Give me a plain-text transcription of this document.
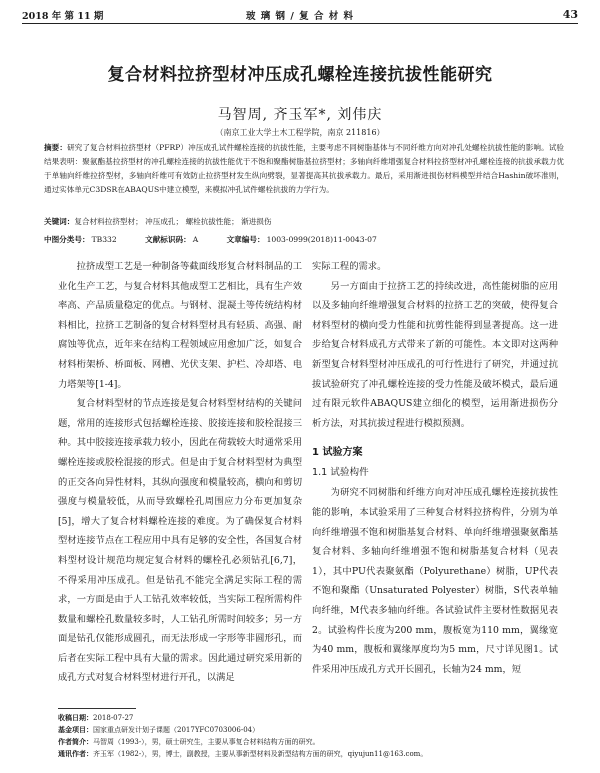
2018 年 第 11 期	玻 璃 钢 / 复 合 材 料	43
复合材料拉挤型材冲压成孔螺栓连接抗拔性能研究
马智周, 齐玉军*, 刘伟庆
（南京工业大学土木工程学院，南京 211816）
摘要：研究了复合材料拉挤型材（PFRP）冲压成孔试件螺栓连接的抗拔性能，主要考虑不同树脂基体与不同纤维方向对冲孔处螺栓抗拔性能的影响。试验结果表明：聚氨酯基拉挤型材的冲孔螺栓连接的抗拔性能优于不饱和聚酯树脂基拉挤型材；多轴向纤维增强复合材料拉挤型材冲孔螺栓连接的抗拔承载力优于单轴向纤维拉挤型材，多轴向纤维可有效防止拉挤型材发生纵向劈裂，显著提高其抗拔承载力。最后，采用渐进损伤材料模型并结合Hashin破坏准则，通过实体单元C3DSR在ABAQUS中建立模型，来模拟冲孔试件螺栓抗拔的力学行为。
关键词：复合材料拉挤型材； 冲压成孔； 螺栓抗拔性能； 渐进损伤
中图分类号： TB332	文献标识码： A	文章编号： 1003-0999(2018)11-0043-07

拉挤成型工艺是一种制备等截面线形复合材料制品的工业化生产工艺，与复合材料其他成型工艺相比，具有生产效率高、产品质量稳定的优点。与钢材、混凝土等传统结构材料相比，拉挤工艺制备的复合材料型材具有轻质、高强、耐腐蚀等优点，近年来在结构工程领域应用愈加广泛，如复合材料桁架桥、桥面板、网槽、光伏支架、护栏、冷却塔、电力塔架等[1-4]。

复合材料型材的节点连接是复合材料型材结构的关键问题，常用的连接形式包括螺栓连接、胶接连接和胶栓混接三种。其中胶接连接承载力较小，因此在荷载较大时通常采用螺栓连接或胶栓混接的形式。但是由于复合材料型材为典型的正交各向异性材料，其纵向强度和模量较高，横向和剪切强度与模量较低，从而导致螺栓孔周围应力分布更加复杂[5]，增大了复合材料螺栓连接的难度。为了确保复合材料型材连接节点在工程应用中具有足够的安全性，各国复合材料型材设计规范均规定复合材料的螺栓孔必须钻孔[6,7]，不得采用冲压成孔。但是钻孔不能完全满足实际工程的需求，一方面是由于人工钻孔效率较低，当实际工程所需构件数量和螺栓孔数量较多时，人工钻孔所需时间较多；另一方面是钻孔仅能形成圆孔，而无法形成一字形等非圆形孔，而后者在实际工程中具有大量的需求。因此通过研究采用新的成孔方式对复合材料型材进行开孔，以满足

实际工程的需求。

另一方面由于拉挤工艺的持续改进，高性能树脂的应用以及多轴向纤维增强复合材料的拉挤工艺的突破，使得复合材料型材的横向受力性能和抗剪性能得到显著提高。这一进步给复合材料成孔方式带来了新的可能性。本文即对这两种新型复合材料型材冲压成孔的可行性进行了研究，并通过抗拔试验研究了冲孔螺栓连接的受力性能及破坏模式，最后通过有限元软件ABAQUS建立细化的模型，运用渐进损伤分析方法，对其抗拔过程进行模拟预测。

1 试验方案
1.1 试验构件

为研究不同树脂和纤维方向对冲压成孔螺栓连接抗拔性能的影响，本试验采用了三种复合材料拉挤构件，分别为单向纤维增强不饱和树脂基复合材料、单向纤维增强聚氨酯基复合材料、多轴向纤维增强不饱和树脂基复合材料（见表1），其中PU代表聚氨酯（Polyurethane）树脂，UP代表不饱和聚酯（Unsaturated Polyester）树脂，S代表单轴向纤维，M代表多轴向纤维。各试验试件主要材性数据见表2。试验构件长度为200 mm，腹板宽为110 mm，翼缘宽为40 mm，腹板和翼缘厚度均为5 mm，尺寸详见图1。试件采用冲压成孔方式开长圆孔，长轴为24 mm，短

收稿日期：2018-07-27
基金项目：国家重点研发计划子课题（2017YFC0703006-04）
作者简介：马智周（1993-），男，硕士研究生，主要从事复合材料结构方面的研究。
通讯作者：齐玉军（1982-），男，博士，副教授，主要从事新型材料及新型结构方面的研究，qiyujun11@163.com。
